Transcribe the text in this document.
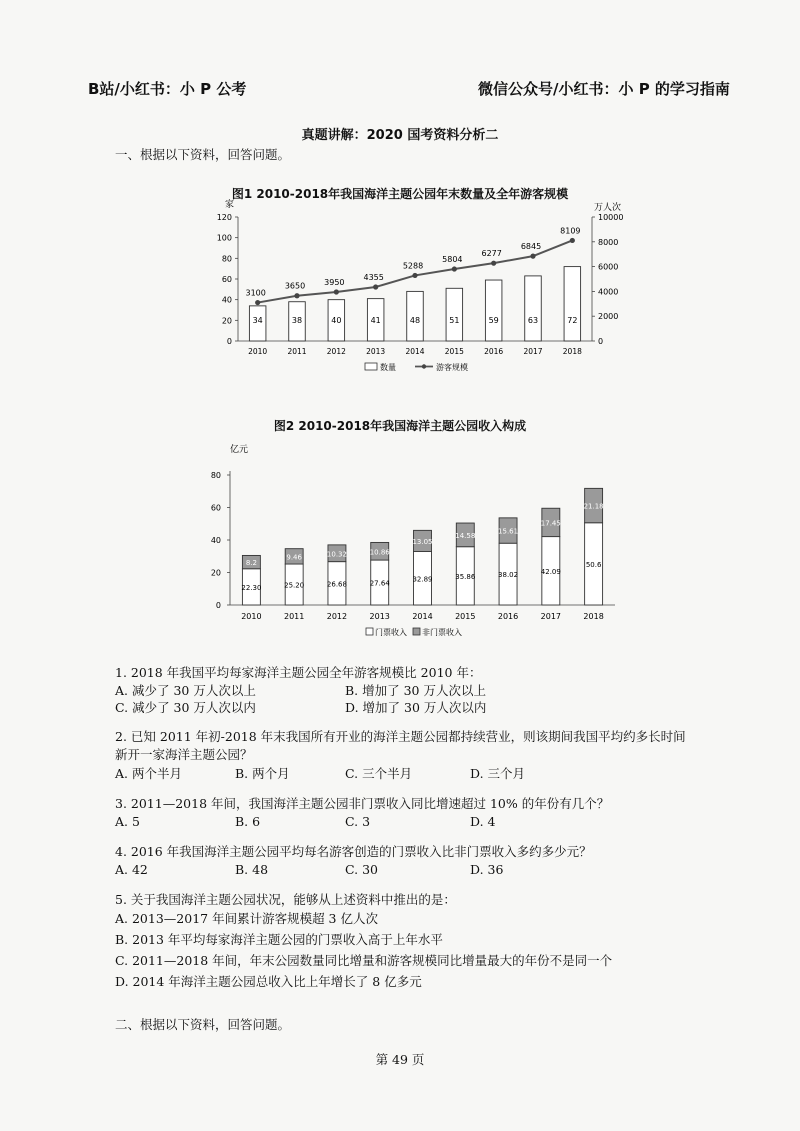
B站/小红书：小 P 公考	微信公众号/小红书：小 P 的学习指南
真题讲解：2020 国考资料分析二
一、根据以下资料，回答问题。
图1 2010-2018年我国海洋主题公园年末数量及全年游客规模
家	万人次
0
20
40
60
80
100
120
0
2000
4000
6000
8000
10000
34
2010
38
2011
40
2012
41
2013
48
2014
51
2015
59
2016
63
2017
72
2018
3100
3650 3950
4355
5288
5804
6277
6845
8109
数量	游客规模
图2 2010-2018年我国海洋主题公园收入构成
亿元
0
20
40
60
80
22.30
8.2
2010
25.20
9.46
2011
26.68
10.32
2012
27.64
10.86
2013
32.89
13.05
2014
35.86
14.58
2015
38.02
15.61
2016
42.09
17.45
2017
50.6
21.18
2018
门票收入 非门票收入
1. 2018 年我国平均每家海洋主题公园全年游客规模比 2010 年：
A. 减少了 30 万人次以上	B. 增加了 30 万人次以上
C. 减少了 30 万人次以内	D. 增加了 30 万人次以内
2. 已知 2011 年初-2018 年末我国所有开业的海洋主题公园都持续营业，则该期间我国平均约多长时间
新开一家海洋主题公园？
A. 两个半月	B. 两个月	C. 三个半月	D. 三个月
3. 2011—2018 年间，我国海洋主题公园非门票收入同比增速超过 10% 的年份有几个？
A. 5	B. 6	C. 3	D. 4
4. 2016 年我国海洋主题公园平均每名游客创造的门票收入比非门票收入多约多少元？
A. 42	B. 48	C. 30	D. 36
5. 关于我国海洋主题公园状况，能够从上述资料中推出的是：
A. 2013—2017 年间累计游客规模超 3 亿人次
B. 2013 年平均每家海洋主题公园的门票收入高于上年水平
C. 2011—2018 年间，年末公园数量同比增量和游客规模同比增量最大的年份不是同一个
D. 2014 年海洋主题公园总收入比上年增长了 8 亿多元
二、根据以下资料，回答问题。
第 49 页
